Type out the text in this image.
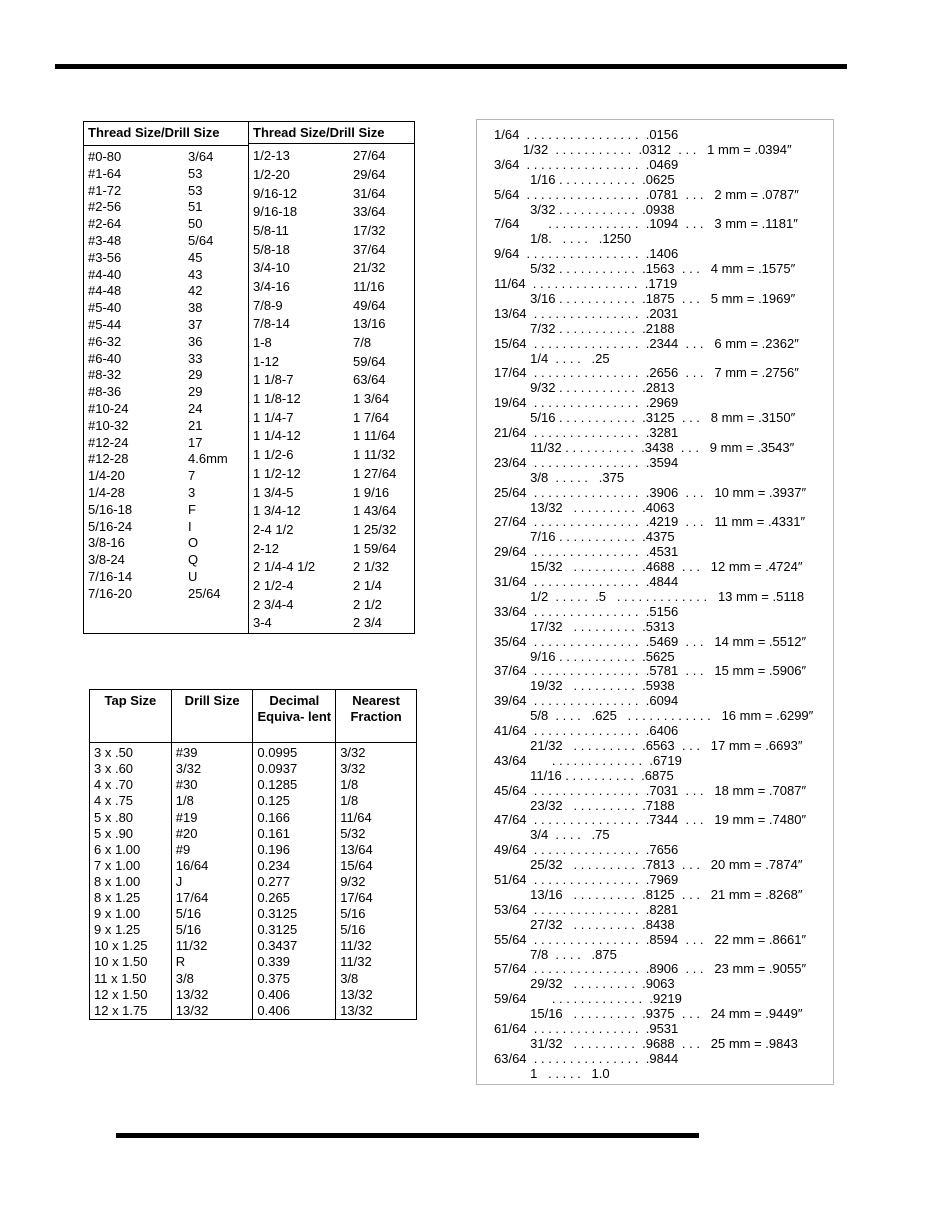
Thread Size/Drill Size
#0-80	3/64
#1-64	53
#1-72	53
#2-56	51
#2-64	50
#3-48	5/64
#3-56	45
#4-40	43
#4-48	42
#5-40	38
#5-44	37
#6-32	36
#6-40	33
#8-32	29
#8-36	29
#10-24	24
#10-32	21
#12-24	17
#12-28	4.6mm
1/4-20	7
1/4-28	3
5/16-18	F
5/16-24	I
3/8-16	O
3/8-24	Q
7/16-14	U
7/16-20	25/64
Thread Size/Drill Size
1/2-13	27/64
1/2-20	29/64
9/16-12	31/64
9/16-18	33/64
5/8-11	17/32
5/8-18	37/64
3/4-10	21/32
3/4-16	11/16
7/8-9	49/64
7/8-14	13/16
1-8	7/8
1-12	59/64
1 1/8-7	63/64
1 1/8-12	1 3/64
1 1/4-7	1 7/64
1 1/4-12	1 11/64
1 1/2-6	1 11/32
1 1/2-12	1 27/64
1 3/4-5	1 9/16
1 3/4-12	1 43/64
2-4 1/2	1 25/32
2-12	1 59/64
2 1/4-4 1/2	2 1/32
2 1/2-4	2 1/4
2 3/4-4	2 1/2
3-4	2 3/4
Tap Size	Drill Size	Decimal Equiva- lent	Nearest Fraction
3 x .50	#39	0.0995	3/32
3 x .60	3/32	0.0937	3/32
4 x .70	#30	0.1285	1/8
4 x .75	1/8	0.125	1/8
5 x .80	#19	0.166	11/64
5 x .90	#20	0.161	5/32
6 x 1.00	#9	0.196	13/64
7 x 1.00	16/64	0.234	15/64
8 x 1.00	J	0.277	9/32
8 x 1.25	17/64	0.265	17/64
9 x 1.00	5/16	0.3125	5/16
9 x 1.25	5/16	0.3125	5/16
10 x 1.25	11/32	0.3437	11/32
10 x 1.50	R	0.339	11/32
11 x 1.50	3/8	0.375	3/8
12 x 1.50	13/32	0.406	13/32
12 x 1.75	13/32	0.406	13/32
1/64  . . . . . . . . . . . . . . . .  .0156
1/32  . . . . . . . . . . .  .0312  . . .   1 mm = .0394″
3/64  . . . . . . . . . . . . . . . .  .0469
1/16 . . . . . . . . . . .  .0625
5/64  . . . . . . . . . . . . . . . .  .0781  . . .   2 mm = .0787″
3/32 . . . . . . . . . . .  .0938
7/64        . . . . . . . . . . . . .  .1094  . . .   3 mm = .1181″
1/8.   . . . .   .1250
9/64  . . . . . . . . . . . . . . . .  .1406
5/32 . . . . . . . . . . .  .1563  . . .   4 mm = .1575″
11/64  . . . . . . . . . . . . . . .  .1719
3/16 . . . . . . . . . . .  .1875  . . .   5 mm = .1969″
13/64  . . . . . . . . . . . . . . .  .2031
7/32 . . . . . . . . . . .  .2188
15/64  . . . . . . . . . . . . . . .  .2344  . . .   6 mm = .2362″
1/4  . . . .   .25
17/64  . . . . . . . . . . . . . . .  .2656  . . .   7 mm = .2756″
9/32 . . . . . . . . . . .  .2813
19/64  . . . . . . . . . . . . . . .  .2969
5/16 . . . . . . . . . . .  .3125  . . .   8 mm = .3150″
21/64  . . . . . . . . . . . . . . .  .3281
11/32 . . . . . . . . . .  .3438  . . .   9 mm = .3543″
23/64  . . . . . . . . . . . . . . .  .3594
3/8  . . . . .   .375
25/64  . . . . . . . . . . . . . . .  .3906  . . .   10 mm = .3937″
13/32   . . . . . . . . .  .4063
27/64  . . . . . . . . . . . . . . .  .4219  . . .   11 mm = .4331″
7/16 . . . . . . . . . . .  .4375
29/64  . . . . . . . . . . . . . . .  .4531
15/32   . . . . . . . . .  .4688  . . .   12 mm = .4724″
31/64  . . . . . . . . . . . . . . .  .4844
1/2  . . . . .  .5   . . . . . . . . . . . . .   13 mm = .5118
33/64  . . . . . . . . . . . . . . .  .5156
17/32   . . . . . . . . .  .5313
35/64  . . . . . . . . . . . . . . .  .5469  . . .   14 mm = .5512″
9/16 . . . . . . . . . . .  .5625
37/64  . . . . . . . . . . . . . . .  .5781  . . .   15 mm = .5906″
19/32   . . . . . . . . .  .5938
39/64  . . . . . . . . . . . . . . .  .6094
5/8  . . . .   .625   . . . . . . . . . . . .   16 mm = .6299″
41/64  . . . . . . . . . . . . . . .  .6406
21/32   . . . . . . . . .  .6563  . . .   17 mm = .6693″
43/64       . . . . . . . . . . . . .  .6719
11/16 . . . . . . . . . .  .6875
45/64  . . . . . . . . . . . . . . .  .7031  . . .   18 mm = .7087″
23/32   . . . . . . . . .  .7188
47/64  . . . . . . . . . . . . . . .  .7344  . . .   19 mm = .7480″
3/4  . . . .   .75
49/64  . . . . . . . . . . . . . . .  .7656
25/32   . . . . . . . . .  .7813  . . .   20 mm = .7874″
51/64  . . . . . . . . . . . . . . .  .7969
13/16   . . . . . . . . .  .8125  . . .   21 mm = .8268″
53/64  . . . . . . . . . . . . . . .  .8281
27/32   . . . . . . . . .  .8438
55/64  . . . . . . . . . . . . . . .  .8594  . . .   22 mm = .8661″
7/8  . . . .   .875
57/64  . . . . . . . . . . . . . . .  .8906  . . .   23 mm = .9055″
29/32   . . . . . . . . .  .9063
59/64       . . . . . . . . . . . . .  .9219
15/16   . . . . . . . . .  .9375  . . .   24 mm = .9449″
61/64  . . . . . . . . . . . . . . .  .9531
31/32   . . . . . . . . .  .9688  . . .   25 mm = .9843
63/64  . . . . . . . . . . . . . . .  .9844
1   . . . . .   1.0
